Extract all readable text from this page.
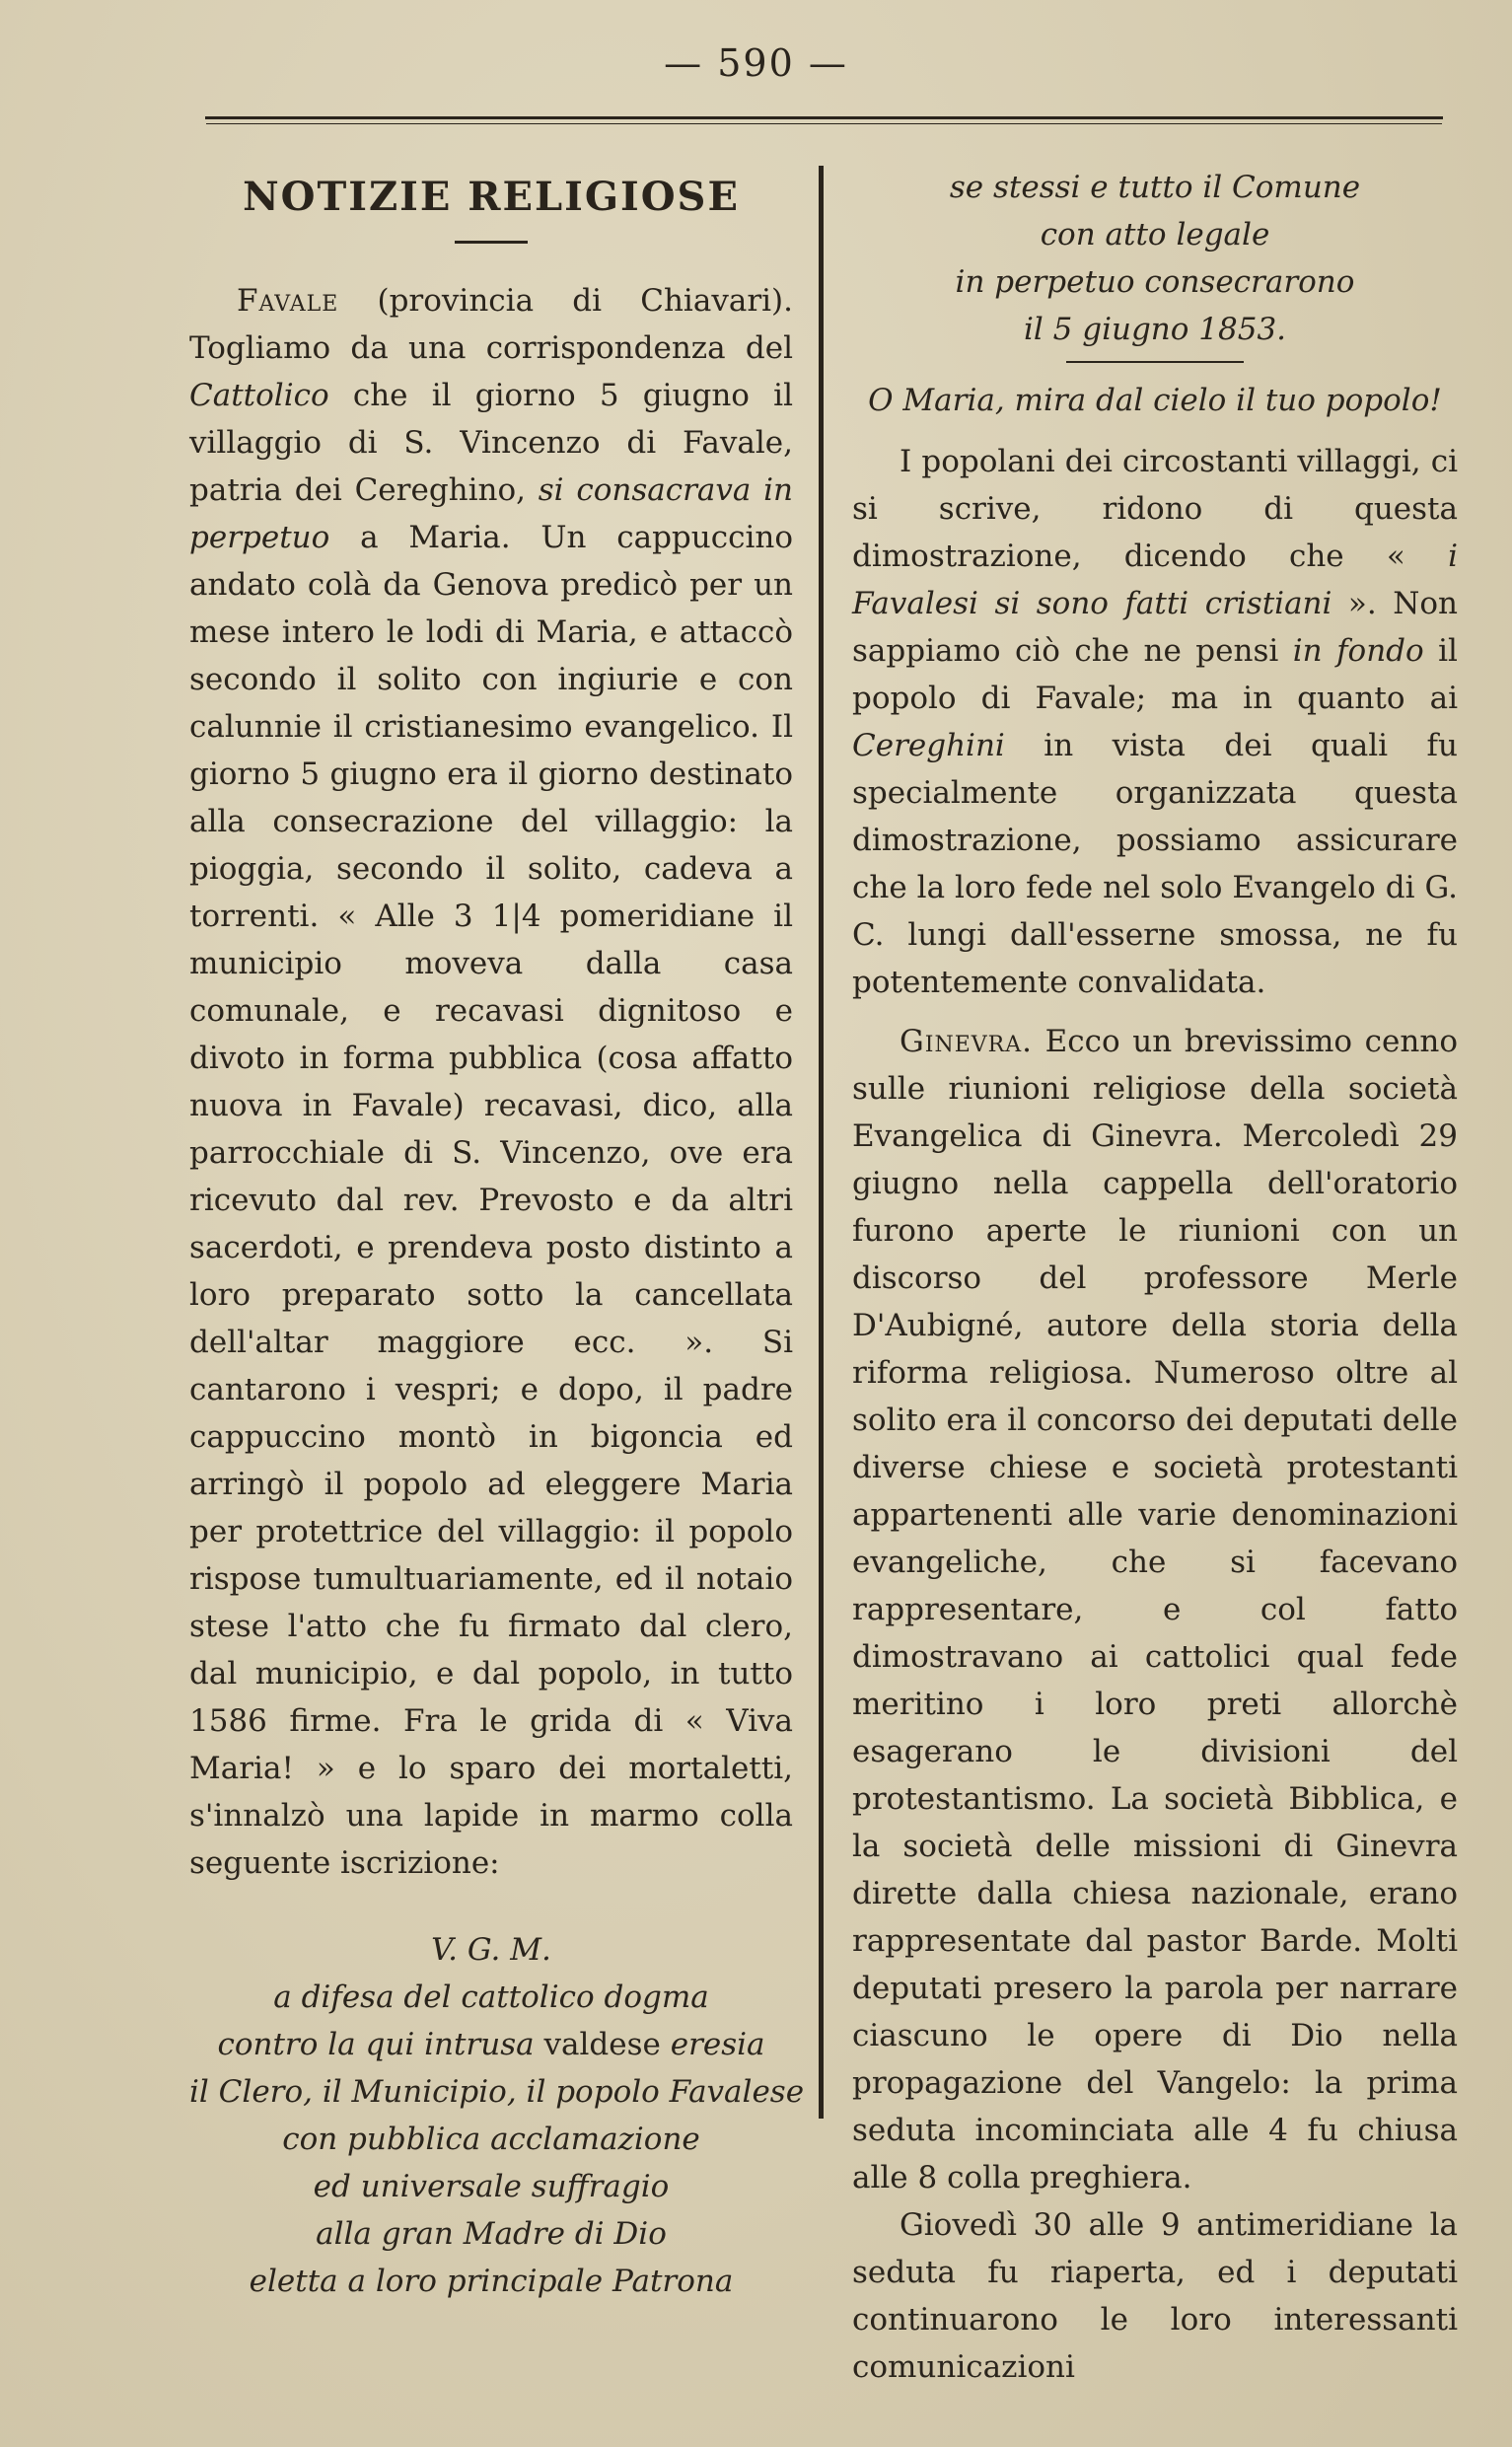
— 590 —
NOTIZIE RELIGIOSE

Favale (provincia di Chiavari). Togliamo da una corrispondenza del Cattolico che il giorno 5 giugno il villaggio di S. Vincenzo di Favale, patria dei Cereghino, si consacrava in perpetuo a Maria. Un cappuccino andato colà da Genova predicò per un mese intero le lodi di Maria, e attaccò secondo il solito con ingiurie e con calunnie il cristianesimo evangelico. Il giorno 5 giugno era il giorno destinato alla consecrazione del villaggio: la pioggia, secondo il solito, cadeva a torrenti. « Alle 3 1|4 pomeridiane il municipio moveva dalla casa comunale, e recavasi dignitoso e divoto in forma pubblica (cosa affatto nuova in Favale) recavasi, dico, alla parrocchiale di S. Vincenzo, ove era ricevuto dal rev. Prevosto e da altri sacerdoti, e prendeva posto distinto a loro preparato sotto la cancellata dell'altar maggiore ecc. ». Si cantarono i vespri; e dopo, il padre cappuccino montò in bigoncia ed arringò il popolo ad eleggere Maria per protettrice del villaggio: il popolo rispose tumultuariamente, ed il notaio stese l'atto che fu firmato dal clero, dal municipio, e dal popolo, in tutto 1586 firme. Fra le grida di « Viva Maria! » e lo sparo dei mortaletti, s'innalzò una lapide in marmo colla seguente iscrizione:

V. G. M.
a difesa del cattolico dogma
contro la qui intrusa valdese eresia
il Clero, il Municipio, il popolo Favalese
con pubblica acclamazione
ed universale suffragio
alla gran Madre di Dio
eletta a loro principale Patrona
se stessi e tutto il Comune
con atto legale
in perpetuo consecrarono
il 5 giugno 1853.
O Maria, mira dal cielo il tuo popolo!

I popolani dei circostanti villaggi, ci si scrive, ridono di questa dimostrazione, dicendo che « i Favalesi si sono fatti cristiani ». Non sappiamo ciò che ne pensi in fondo il popolo di Favale; ma in quanto ai Cereghini in vista dei quali fu specialmente organizzata questa dimostrazione, possiamo assicurare che la loro fede nel solo Evangelo di G. C. lungi dall'esserne smossa, ne fu potentemente convalidata.

Ginevra. Ecco un brevissimo cenno sulle riunioni religiose della società Evangelica di Ginevra. Mercoledì 29 giugno nella cappella dell'oratorio furono aperte le riunioni con un discorso del professore Merle D'Aubigné, autore della storia della riforma religiosa. Numeroso oltre al solito era il concorso dei deputati delle diverse chiese e società protestanti appartenenti alle varie denominazioni evangeliche, che si facevano rappresentare, e col fatto dimostravano ai cattolici qual fede meritino i loro preti allorchè esagerano le divisioni del protestantismo. La società Bibblica, e la società delle missioni di Ginevra dirette dalla chiesa nazionale, erano rappresentate dal pastor Barde. Molti deputati presero la parola per narrare ciascuno le opere di Dio nella propagazione del Vangelo: la prima seduta incominciata alle 4 fu chiusa alle 8 colla preghiera.

Giovedì 30 alle 9 antimeridiane la seduta fu riaperta, ed i deputati continuarono le loro interessanti comunicazioni
